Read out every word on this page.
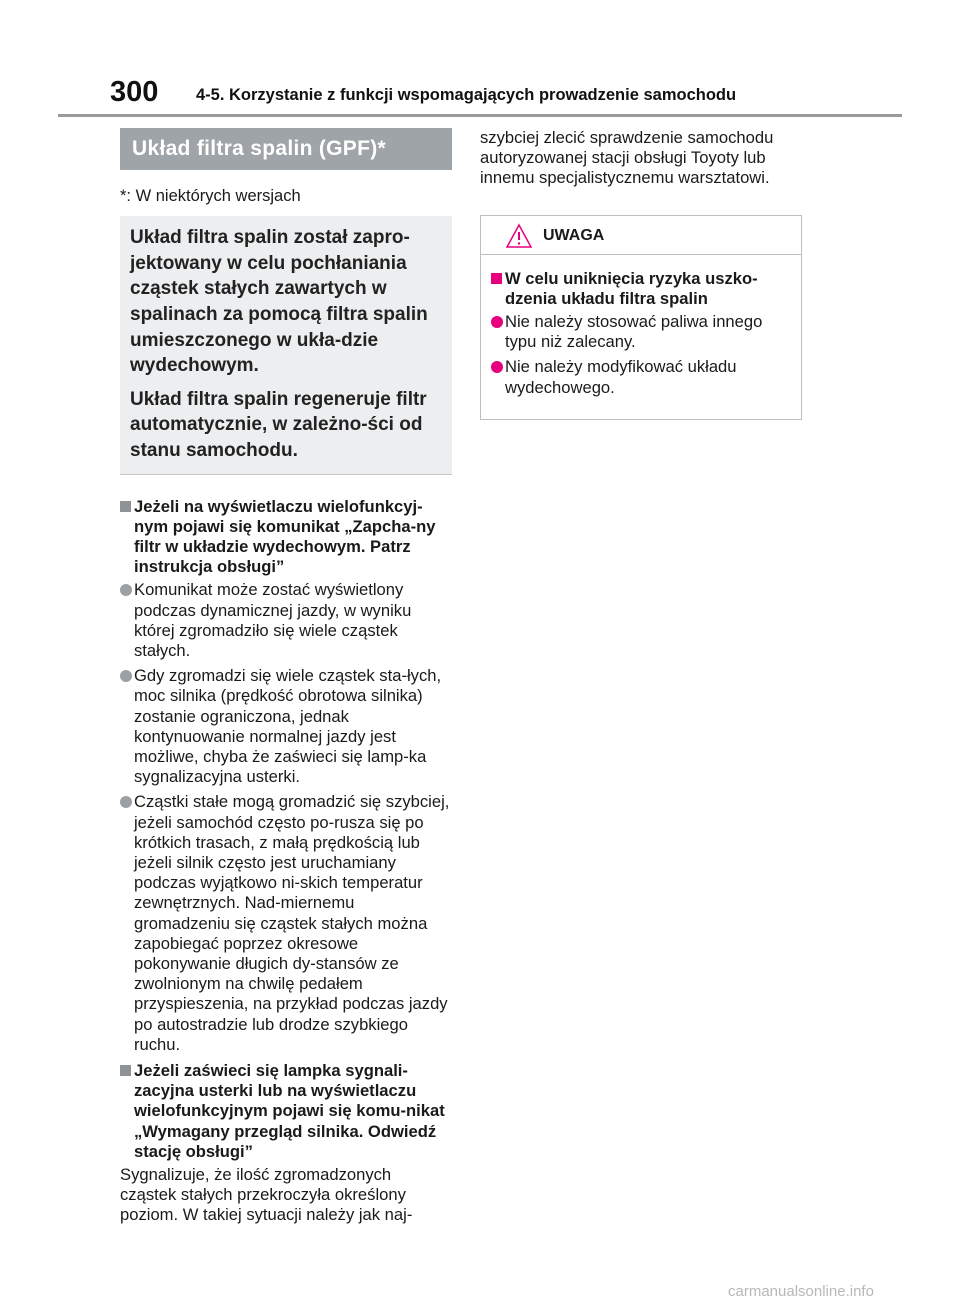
300 4-5. Korzystanie z funkcji wspomagających prowadzenie samochodu
Układ filtra spalin (GPF)*
*: W niektórych wersjach

Układ filtra spalin został zapro-jektowany w celu pochłaniania cząstek stałych zawartych w spalinach za pomocą filtra spalin umieszczonego w ukła-dzie wydechowym.

Układ filtra spalin regeneruje filtr automatycznie, w zależno-ści od stanu samochodu.

Jeżeli na wyświetlaczu wielofunkcyj-nym pojawi się komunikat „Zapcha-ny filtr w układzie wydechowym. Patrz instrukcja obsługi”
Komunikat może zostać wyświetlony podczas dynamicznej jazdy, w wyniku której zgromadziło się wiele cząstek stałych.
Gdy zgromadzi się wiele cząstek sta-łych, moc silnika (prędkość obrotowa silnika) zostanie ograniczona, jednak kontynuowanie normalnej jazdy jest możliwe, chyba że zaświeci się lamp-ka sygnalizacyjna usterki.
Cząstki stałe mogą gromadzić się szybciej, jeżeli samochód często po-rusza się po krótkich trasach, z małą prędkością lub jeżeli silnik często jest uruchamiany podczas wyjątkowo ni-skich temperatur zewnętrznych. Nad-miernemu gromadzeniu się cząstek stałych można zapobiegać poprzez okresowe pokonywanie długich dy-stansów ze zwolnionym na chwilę pedałem przyspieszenia, na przykład podczas jazdy po autostradzie lub drodze szybkiego ruchu.
Jeżeli zaświeci się lampka sygnali-zacyjna usterki lub na wyświetlaczu wielofunkcyjnym pojawi się komu-nikat „Wymagany przegląd silnika. Odwiedź stację obsługi”
Sygnalizuje, że ilość zgromadzonych cząstek stałych przekroczyła określony poziom. W takiej sytuacji należy jak naj-
szybciej zlecić sprawdzenie samochodu autoryzowanej stacji obsługi Toyoty lub innemu specjalistycznemu warsztatowi.
UWAGA
W celu uniknięcia ryzyka uszko-dzenia układu filtra spalin
Nie należy stosować paliwa innego typu niż zalecany.
Nie należy modyfikować układu wydechowego.
carmanualsonline.info
